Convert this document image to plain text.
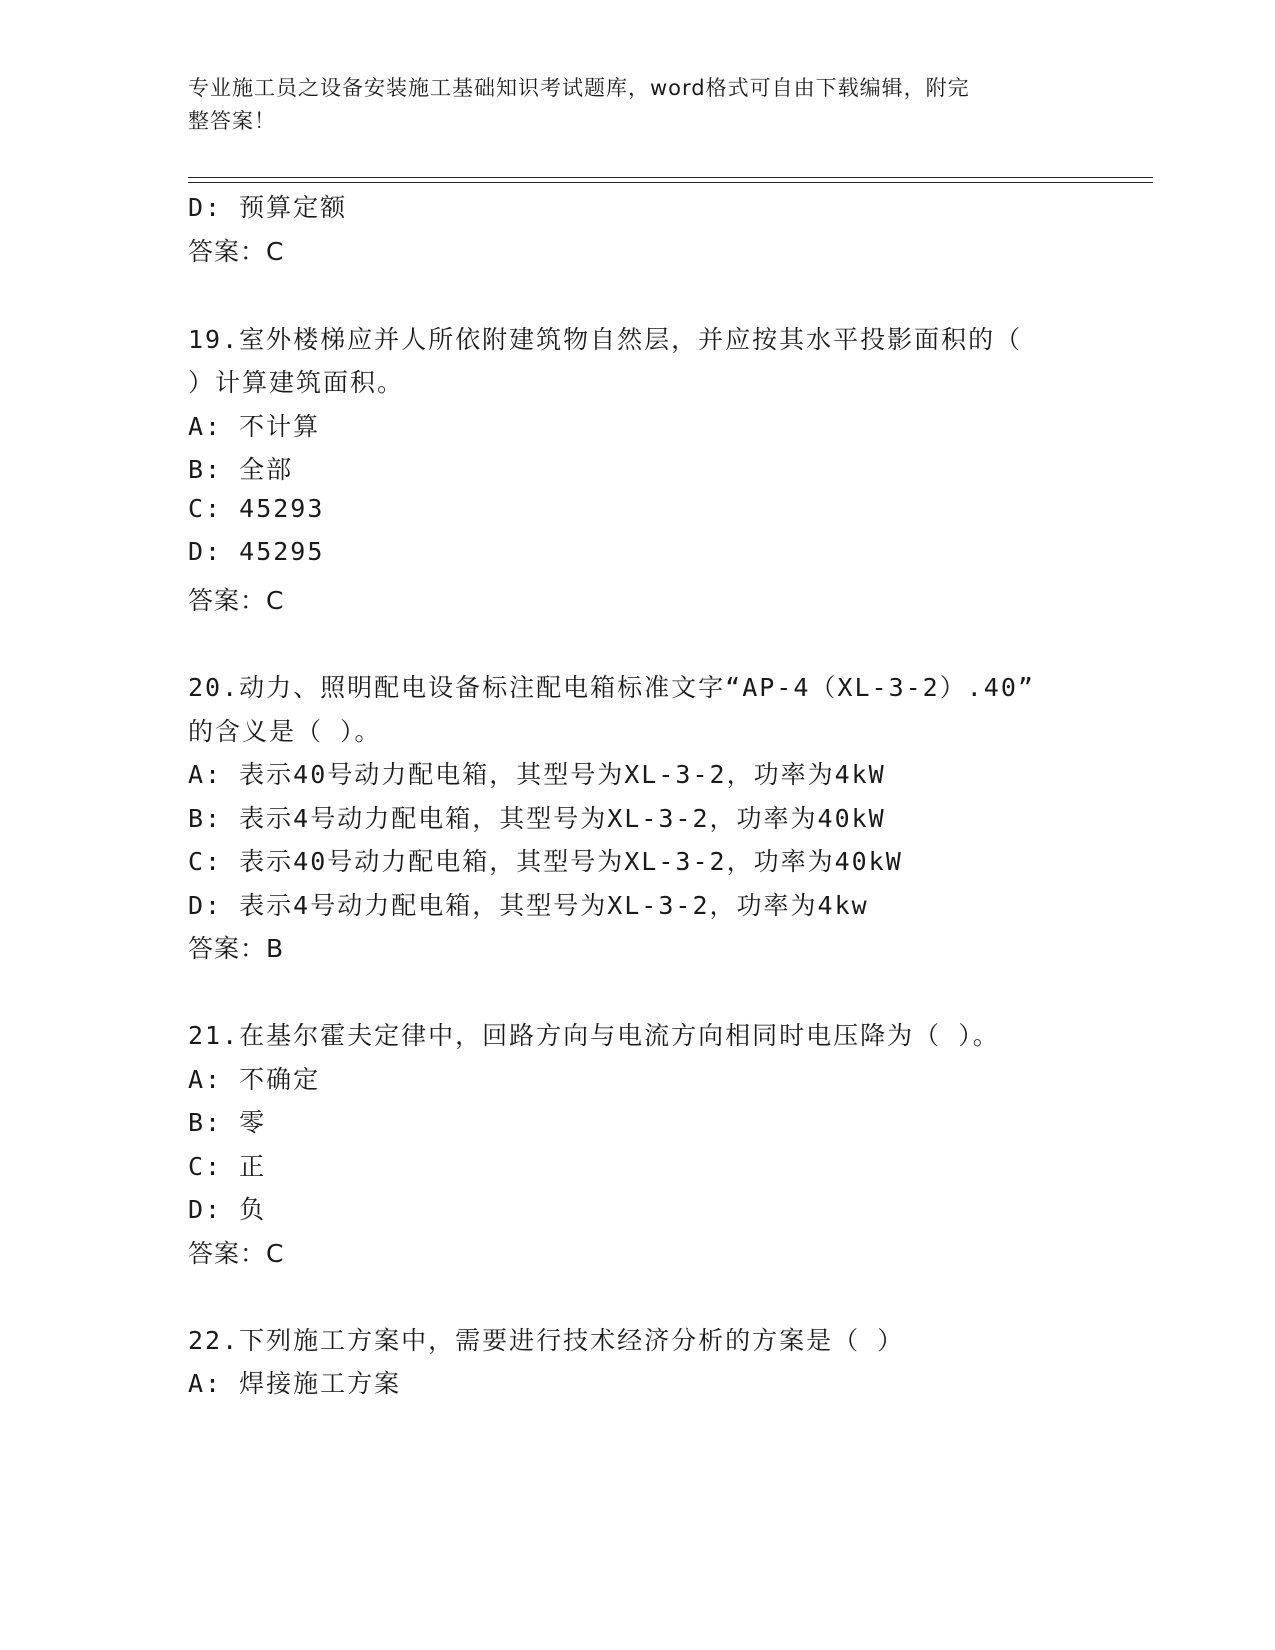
专业施工员之设备安装施工基础知识考试题库，word格式可自由下载编辑，附完
整答案！
D: 预算定额
答案：C
19.室外楼梯应并人所依附建筑物自然层，并应按其水平投影面积的（
）计算建筑面积。
A: 不计算
B: 全部
C: 45293
D: 45295
答案：C
20.动力、照明配电设备标注配电箱标准文字“AP-4（XL-3-2）.40”
的含义是（ ）。
A: 表示40号动力配电箱，其型号为XL-3-2，功率为4kW
B: 表示4号动力配电箱，其型号为XL-3-2，功率为40kW
C: 表示40号动力配电箱，其型号为XL-3-2，功率为40kW
D: 表示4号动力配电箱，其型号为XL-3-2，功率为4kw
答案：B
21.在基尔霍夫定律中，回路方向与电流方向相同时电压降为（ ）。
A: 不确定
B: 零
C: 正
D: 负
答案：C
22.下列施工方案中，需要进行技术经济分析的方案是（ ）
A: 焊接施工方案
